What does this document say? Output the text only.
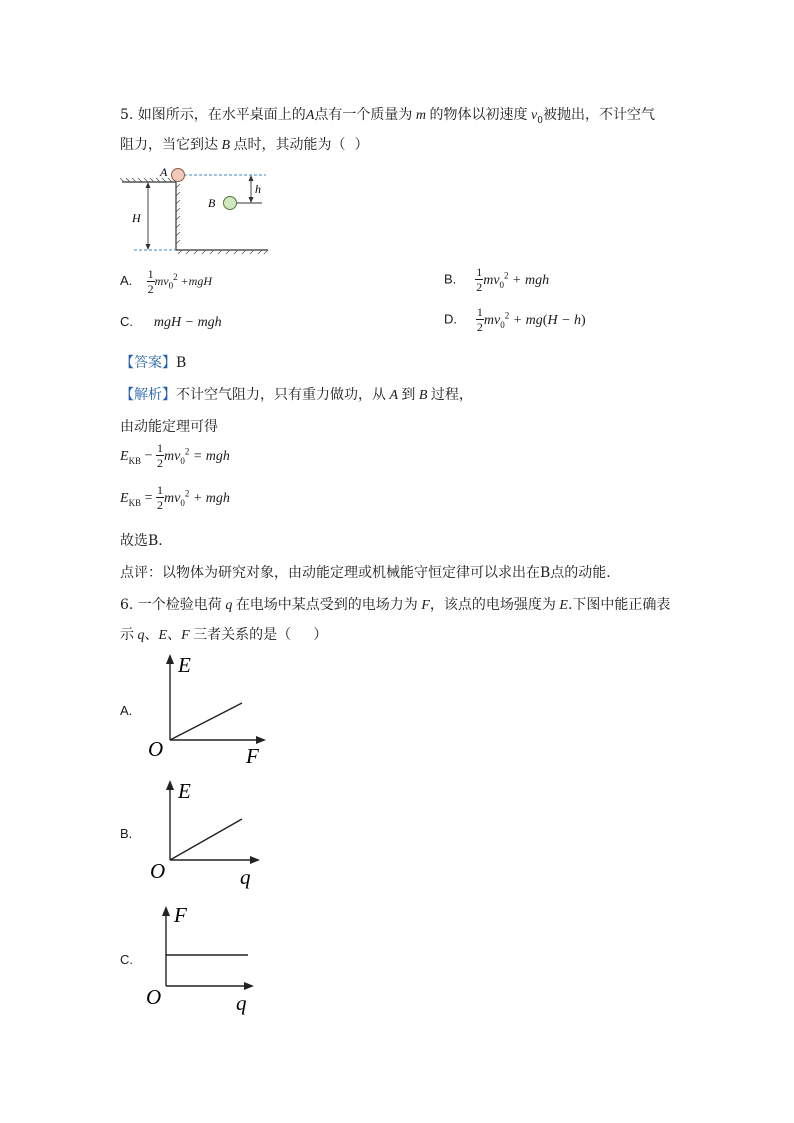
5. 如图所示，在水平桌面上的A点有一个质量为 m 的物体以初速度 $v_0$被抛出，不计空气
阻力，当它到达 B 点时，其动能为（  ）
H
A
B
h
A. $\frac{1}{2} mv_0^2 +mgH$	B. $\frac{1}{2} mv_0^2$ + mgh
C. mgH − mgh	D. $\frac{1}{2} mv_0^2 + mg(H - h)$
【答案】B
【解析】不计空气阻力，只有重力做功，从 A 到 B 过程，
由动能定理可得
$E_{KB} - \frac{1}{2} mv_0^2$ = mgh
$E_{KB} = \frac{1}{2} mv_0^2$ + mgh
故选B．
点评：以物体为研究对象，由动能定理或机械能守恒定律可以求出在B点的动能．
6. 一个检验电荷 q 在电场中某点受到的电场力为 F，该点的电场强度为 E.下图中能正确表
示 q、E、F 三者关系的是（     ）
A.
E
F
O
B.
E
q
O
C.
F
q
O
